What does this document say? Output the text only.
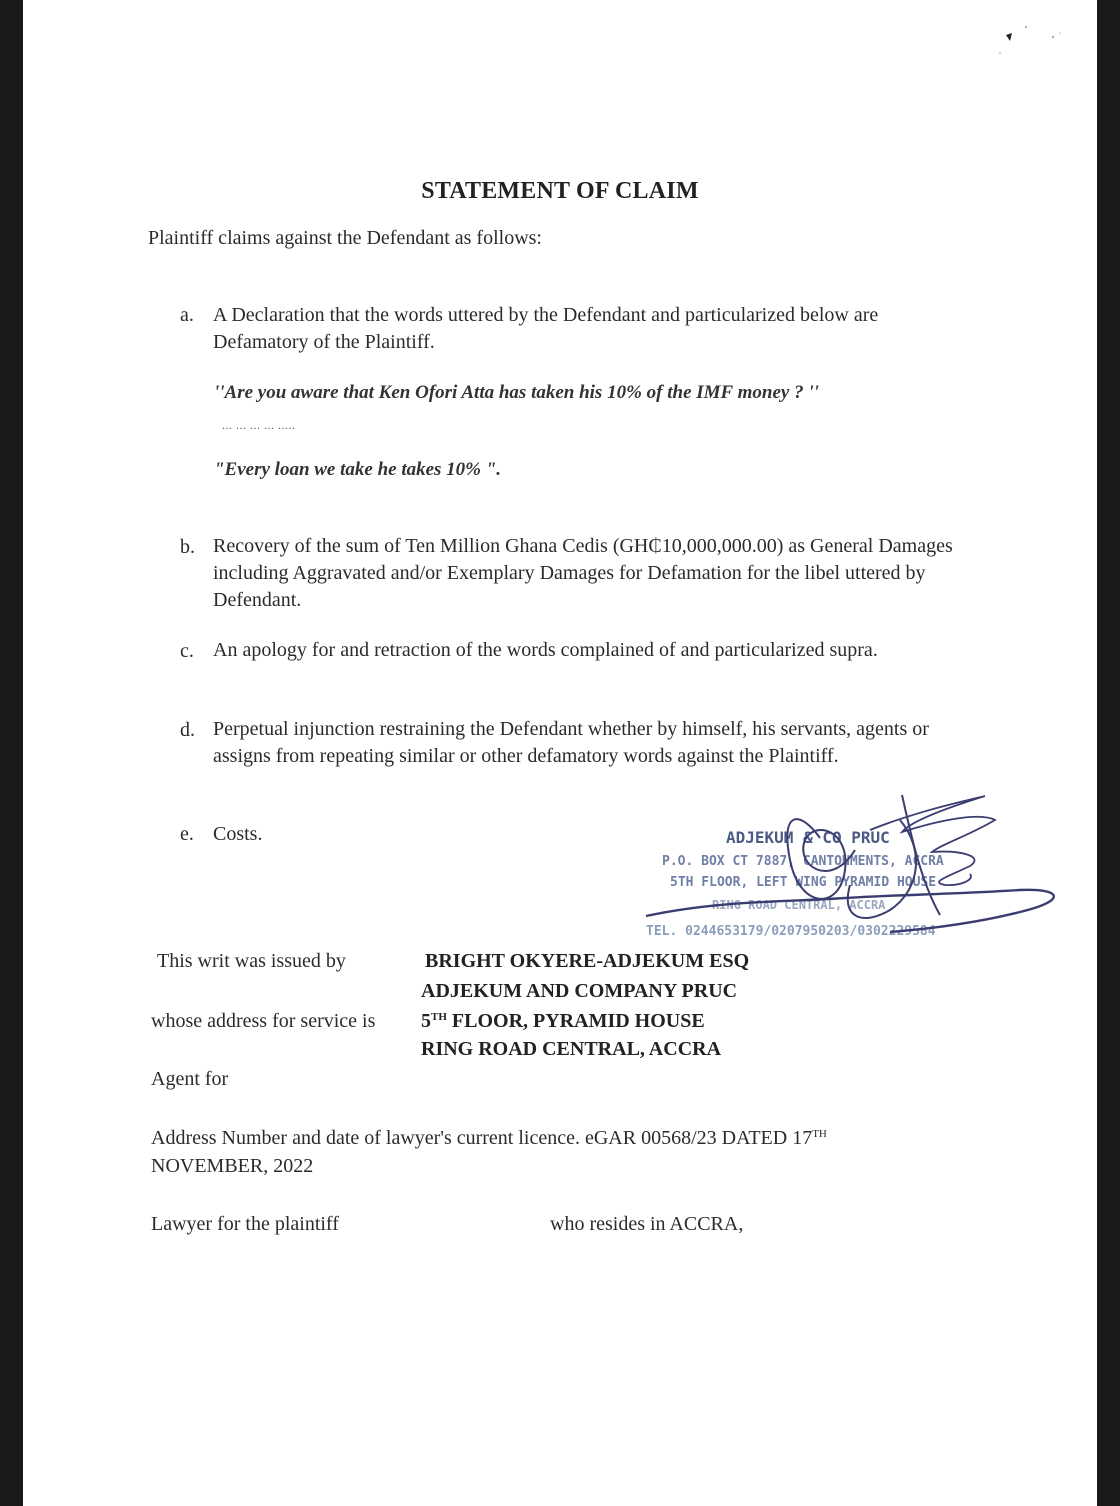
STATEMENT OF CLAIM
Plaintiff claims against the Defendant as follows:
a. A Declaration that the words uttered by the Defendant and particularized below are Defamatory of the Plaintiff.
''Are you aware that Ken Ofori Atta has taken his 10% of the IMF money ? ''
... ... ... ... .....
"Every loan we take he takes 10% ".
b. Recovery of the sum of Ten Million Ghana Cedis (GH₵10,000,000.00) as General Damages including Aggravated and/or Exemplary Damages for Defamation for the libel uttered by Defendant.
c. An apology for and retraction of the words complained of and particularized supra.
d. Perpetual injunction restraining the Defendant whether by himself, his servants, agents or assigns from repeating similar or other defamatory words against the Plaintiff.
e. Costs.	ADJEKUM & CO PRUC
P.O. BOX CT 7887, CANTONMENTS, ACCRA
5TH FLOOR, LEFT WING PYRAMID HOUSE
RING ROAD CENTRAL, ACCRA
TEL. 0244653179/0207950203/0302229584
This writ was issued by	BRIGHT OKYERE-ADJEKUM ESQ
ADJEKUM AND COMPANY PRUC
whose address for service is 5TH FLOOR, PYRAMID HOUSE
RING ROAD CENTRAL, ACCRA
Agent for
Address Number and date of lawyer's current licence. eGAR 00568/23 DATED 17TH
NOVEMBER, 2022
Lawyer for the plaintiff	who resides in ACCRA,
